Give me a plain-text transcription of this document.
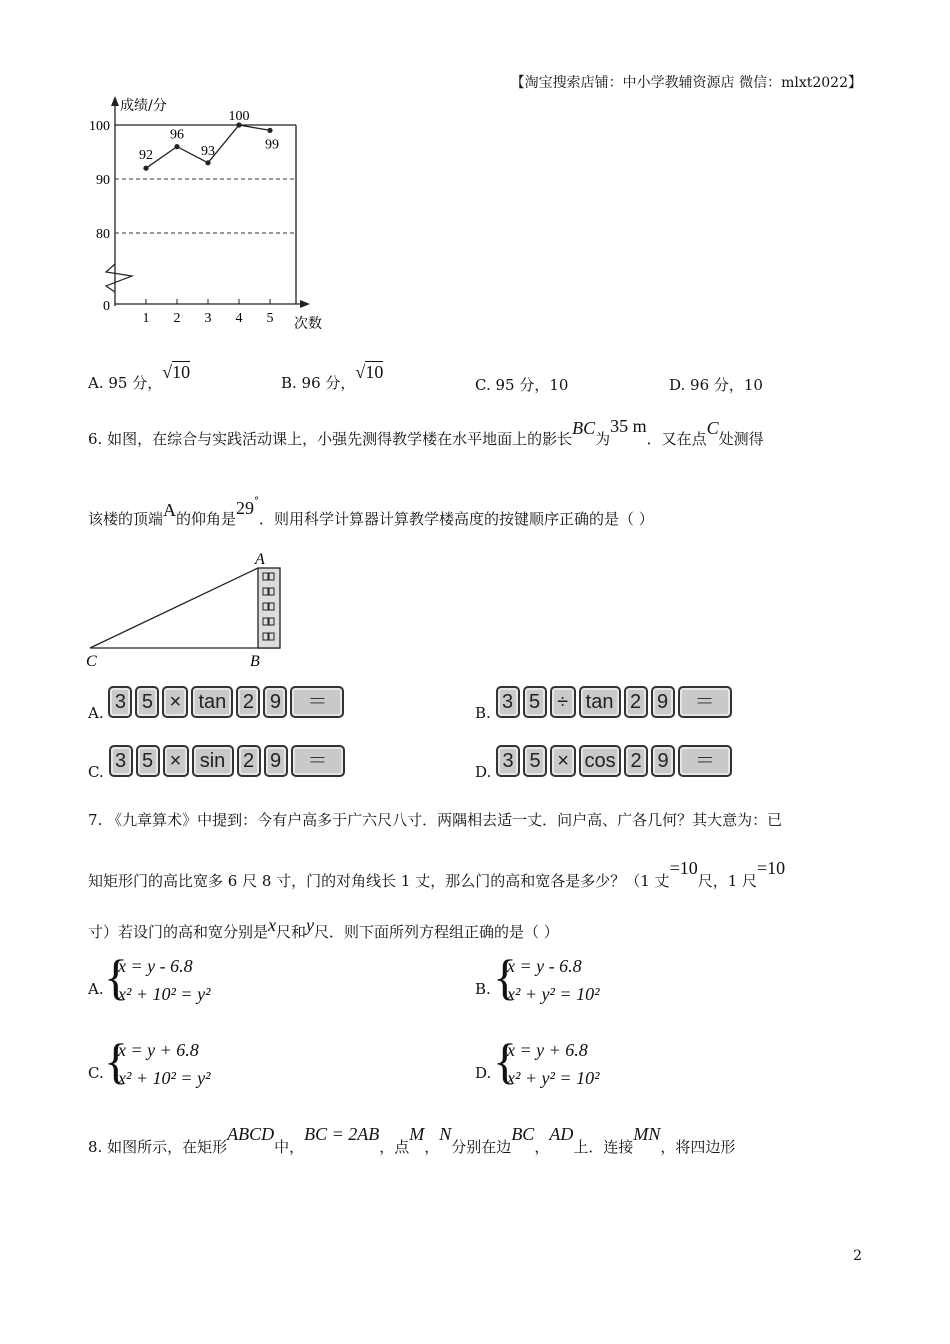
【淘宝搜索店铺：中小学教辅资源店 微信：mlxt2022】
100
90
80
0
成绩/分
次数
92
1
96
2
93
3
100
4
99
5
A. 95 分，√10
B. 96 分，√10
C. 95 分，10	D. 96 分，10
6. 如图，在综合与实践活动课上，小强先测得教学楼在水平地面上的影长BC为35 m．又在点C处测得
该楼的顶端A的仰角是29°．则用科学计算器计算教学楼高度的按键顺序正确的是（ ）
A
B
C
A. 3 5 × tan 2 9 ＝	B. 3 5 ÷ tan 2 9 ＝
C. 3 5 × sin 2 9 ＝	D. 3 5 × cos 2 9 ＝
7. 《九章算术》中提到：今有户高多于广六尺八寸．两隅相去适一丈．问户高、广各几何？其大意为：已
知矩形门的高比宽多 6 尺 8 寸，门的对角线长 1 丈，那么门的高和宽各是多少？（1 丈=10尺，1 尺=10
寸）若设门的高和宽分别是x尺和y尺．则下面所列方程组正确的是（ ）
A. {
x = y - 6.8
x² + 10² = y²	B. {
x = y - 6.8
x² + y² = 10²
C. {
x = y + 6.8
x² + 10² = y²	D. {
x = y + 6.8
x² + y² = 10²
8. 如图所示，在矩形ABCD中，BC = 2AB，点M，N分别在边BC，AD上．连接MN，将四边形
2
